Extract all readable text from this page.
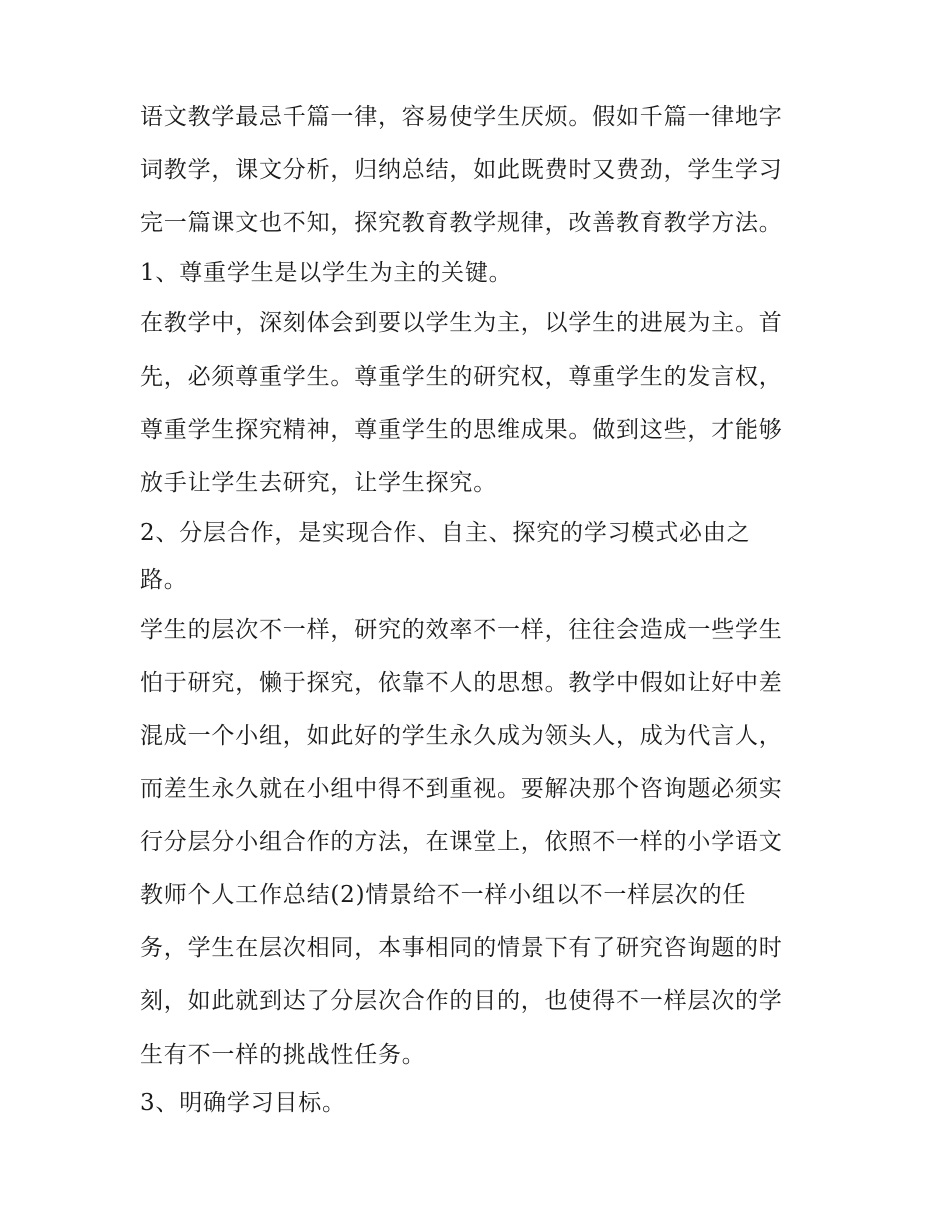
语文教学最忌千篇一律，容易使学生厌烦。假如千篇一律地字
词教学，课文分析，归纳总结，如此既费时又费劲，学生学习
完一篇课文也不知，探究教育教学规律，改善教育教学方法。
1、尊重学生是以学生为主的关键。
在教学中，深刻体会到要以学生为主，以学生的进展为主。首
先，必须尊重学生。尊重学生的研究权，尊重学生的发言权，
尊重学生探究精神，尊重学生的思维成果。做到这些，才能够
放手让学生去研究，让学生探究。
2、分层合作，是实现合作、自主、探究的学习模式必由之
路。
学生的层次不一样，研究的效率不一样，往往会造成一些学生
怕于研究，懒于探究，依靠不人的思想。教学中假如让好中差
混成一个小组，如此好的学生永久成为领头人，成为代言人，
而差生永久就在小组中得不到重视。要解决那个咨询题必须实
行分层分小组合作的方法，在课堂上，依照不一样的小学语文
教师个人工作总结(2)情景给不一样小组以不一样层次的任
务，学生在层次相同，本事相同的情景下有了研究咨询题的时
刻，如此就到达了分层次合作的目的，也使得不一样层次的学
生有不一样的挑战性任务。
3、明确学习目标。
